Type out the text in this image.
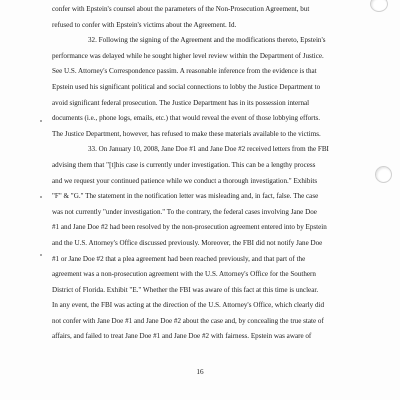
confer with Epstein's counsel about the parameters of the Non-Prosecution Agreement, but
refused to confer with Epstein's victims about the Agreement. Id.
32. Following the signing of the Agreement and the modifications thereto, Epstein's
performance was delayed while he sought higher level review within the Department of Justice.
See U.S. Attorney's Correspondence passim. A reasonable inference from the evidence is that
Epstein used his significant political and social connections to lobby the Justice Department to
avoid significant federal prosecution. The Justice Department has in its possession internal
documents (i.e., phone logs, emails, etc.) that would reveal the event of those lobbying efforts.
The Justice Department, however, has refused to make these materials available to the victims.
33. On January 10, 2008, Jane Doe #1 and Jane Doe #2 received letters from the FBI
advising them that "[t]his case is currently under investigation. This can be a lengthy process
and we request your continued patience while we conduct a thorough investigation." Exhibits
"F" & "G." The statement in the notification letter was misleading and, in fact, false. The case
was not currently "under investigation." To the contrary, the federal cases involving Jane Doe
#1 and Jane Doe #2 had been resolved by the non-prosecution agreement entered into by Epstein
and the U.S. Attorney's Office discussed previously. Moreover, the FBI did not notify Jane Doe
#1 or Jane Doe #2 that a plea agreement had been reached previously, and that part of the
agreement was a non-prosecution agreement with the U.S. Attorney's Office for the Southern
District of Florida. Exhibit "E." Whether the FBI was aware of this fact at this time is unclear.
In any event, the FBI was acting at the direction of the U.S. Attorney's Office, which clearly did
not confer with Jane Doe #1 and Jane Doe #2 about the case and, by concealing the true state of
affairs, and failed to treat Jane Doe #1 and Jane Doe #2 with fairness. Epstein was aware of
16
